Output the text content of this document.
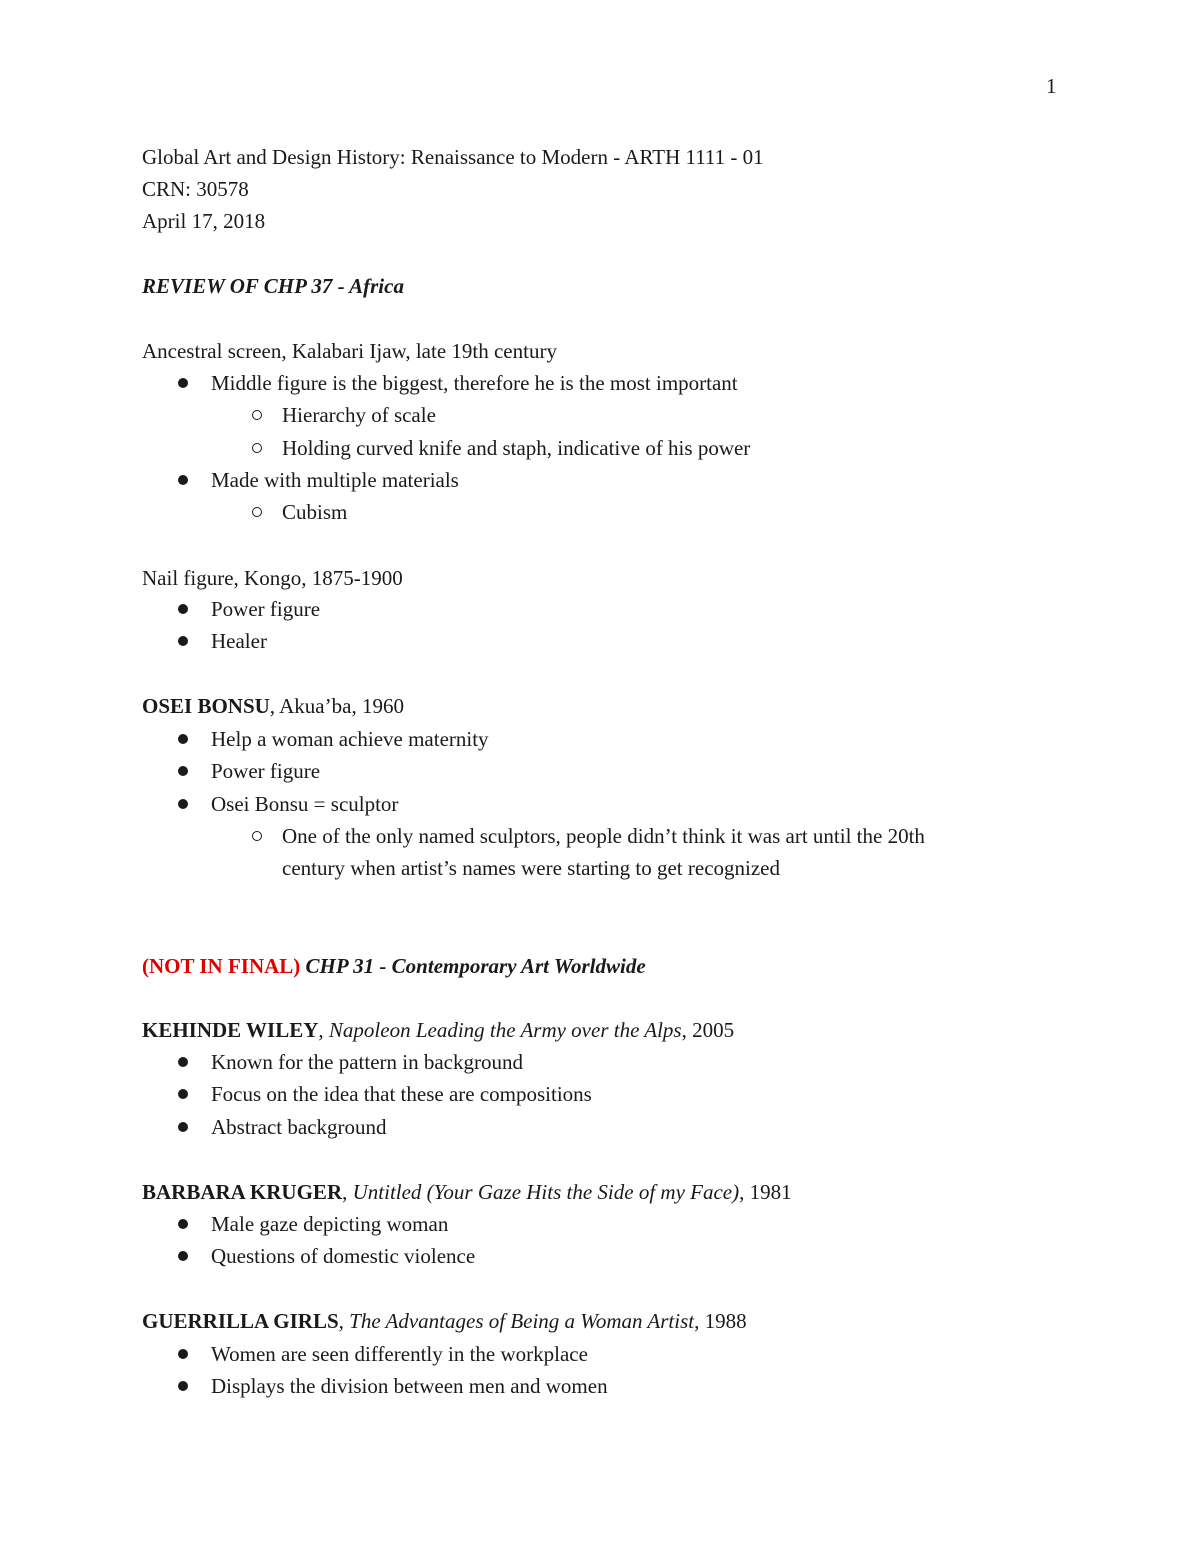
1
Global Art and Design History: Renaissance to Modern - ARTH 1111 - 01
CRN: 30578
April 17, 2018
REVIEW OF CHP 37 - Africa
Ancestral screen, Kalabari Ijaw, late 19th century
Middle figure is the biggest, therefore he is the most important
Hierarchy of scale
Holding curved knife and staph, indicative of his power
Made with multiple materials
Cubism
Nail figure, Kongo, 1875-1900
Power figure
Healer
OSEI BONSU, Akua’ba, 1960
Help a woman achieve maternity
Power figure
Osei Bonsu = sculptor
One of the only named sculptors, people didn’t think it was art until the 20th
century when artist’s names were starting to get recognized
(NOT IN FINAL) CHP 31 - Contemporary Art Worldwide
KEHINDE WILEY, Napoleon Leading the Army over the Alps, 2005
Known for the pattern in background
Focus on the idea that these are compositions
Abstract background
BARBARA KRUGER, Untitled (Your Gaze Hits the Side of my Face), 1981
Male gaze depicting woman
Questions of domestic violence
GUERRILLA GIRLS, The Advantages of Being a Woman Artist, 1988
Women are seen differently in the workplace
Displays the division between men and women
